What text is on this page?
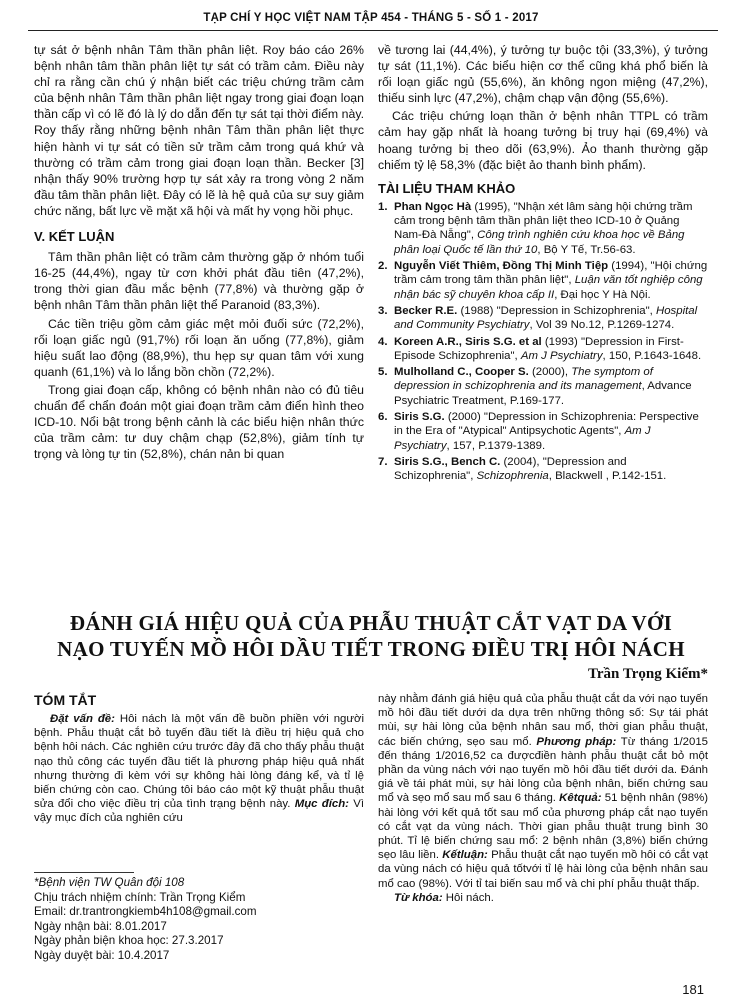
TẠP CHÍ Y HỌC VIỆT NAM TẬP 454 - THÁNG 5 - SỐ 1 - 2017

tự sát ở bệnh nhân Tâm thần phân liệt. Roy báo cáo 26% bệnh nhân tâm thần phân liệt tự sát có trầm cảm. Điều này chỉ ra rằng cần chú ý nhận biết các triệu chứng trầm cảm của bệnh nhân Tâm thần phân liệt ngay trong giai đoạn loạn thần cấp vì có lẽ đó là lý do dẫn đến tự sát tại thời điểm này. Roy thấy rằng những bệnh nhân Tâm thần phân liệt thực hiện hành vi tự sát có tiền sử trầm cảm trong quá khứ và thường có trầm cảm trong giai đoạn loạn thần. Becker [3] nhận thấy 90% trường hợp tự sát xảy ra trong vòng 2 năm đầu tâm thần phân liệt. Đây có lẽ là hệ quả của sự suy giảm chức năng, bất lực về mặt xã hội và mất hy vọng hồi phục.

V. KẾT LUẬN

Tâm thần phân liệt có trầm cảm thường gặp ở nhóm tuổi 16-25 (44,4%), ngay từ cơn khởi phát đầu tiên (47,2%), trong thời gian đầu mắc bệnh (77,8%) và thường gặp ở bệnh nhân Tâm thần phân liệt thể Paranoid (83,3%).

Các tiền triệu gồm cảm giác mệt mỏi đuối sức (72,2%), rối loạn giấc ngủ (91,7%) rối loạn ăn uống (77,8%), giảm hiệu suất lao động (88,9%), thu hẹp sự quan tâm với xung quanh (61,1%) và lo lắng bồn chồn (72,2%).

Trong giai đoạn cấp, không có bệnh nhân nào có đủ tiêu chuẩn để chẩn đoán một giai đoạn trầm cảm điển hình theo ICD-10. Nổi bật trong bệnh cảnh là các biểu hiện nhân thức của trầm cảm: tư duy chậm chạp (52,8%), giảm tính tự trọng và lòng tự tin (52,8%), chán nản bi quan

về tương lai (44,4%), ý tưởng tự buộc tội (33,3%), ý tưởng tự sát (11,1%). Các biểu hiện cơ thể cũng khá phổ biến là rối loạn giấc ngủ (55,6%), ăn không ngon miệng (47,2%), thiếu sinh lực (47,2%), chậm chạp vận động (55,6%).

Các triệu chứng loạn thần ở bệnh nhân TTPL có trầm cảm hay gặp nhất là hoang tưởng bị truy hại (69,4%) và hoang tưởng bị theo dõi (63,9%). Ảo thanh thường gặp chiếm tỷ lệ 58,3% (đặc biệt ảo thanh bình phẩm).

TÀI LIỆU THAM KHẢO
1. Phan Ngọc Hà (1995), "Nhận xét lâm sàng hội chứng trầm cảm trong bệnh tâm thần phân liệt theo ICD-10 ở Quảng Nam-Đà Nẵng", Công trình nghiên cứu khoa học về Bảng phân loại Quốc tế lần thứ 10, Bộ Y Tế, Tr.56-63.
2. Nguyễn Viết Thiêm, Đồng Thị Minh Tiệp (1994), "Hội chứng trầm cảm trong tâm thần phân liệt", Luận văn tốt nghiệp công nhận bác sỹ chuyên khoa cấp II, Đại học Y Hà Nội.
3. Becker R.E. (1988) "Depression in Schizophrenia", Hospital and Community Psychiatry, Vol 39 No.12, P.1269-1274.
4. Koreen A.R., Siris S.G. et al (1993) "Depression in First-Episode Schizophrenia", Am J Psychiatry, 150, P.1643-1648.
5. Mulholland C., Cooper S. (2000), The symptom of depression in schizophrenia and its management, Advance Psychiatric Treatment, P.169-177.
6. Siris S.G. (2000) "Depression in Schizophrenia: Perspective in the Era of "Atypical" Antipsychotic Agents", Am J Psychiatry, 157, P.1379-1389.
7. Siris S.G., Bench C. (2004), "Depression and Schizophrenia", Schizophrenia, Blackwell , P.142-151.
ĐÁNH GIÁ HIỆU QUẢ CỦA PHẪU THUẬT CẮT VẠT DA VỚI
NẠO TUYẾN MỒ HÔI DẦU TIẾT TRONG ĐIỀU TRỊ HÔI NÁCH
Trần Trọng Kiểm*
TÓM TẮT

Đặt vấn đề: Hôi nách là một vấn đề buồn phiền với người bệnh. Phẫu thuật cắt bỏ tuyến đầu tiết là điều trị hiệu quả cho bệnh hôi nách. Các nghiên cứu trước đây đã cho thấy phẫu thuật nạo thủ công các tuyến đầu tiết là phương pháp hiệu quả nhất nhưng thường đi kèm với sự không hài lòng đáng kể, và tỉ lệ biến chứng còn cao. Chúng tôi báo cáo một kỹ thuật phẫu thuật sửa đổi cho việc điều trị của tình trạng bệnh này. Mục đích: Vì vậy mục đích của nghiên cứu

này nhằm đánh giá hiệu quả của phẫu thuật cắt da với nạo tuyến mồ hôi đầu tiết dưới da dựa trên những thông số: Sự tái phát mùi, sự hài lòng của bệnh nhân sau mổ, thời gian phẫu thuật, các biến chứng, sẹo sau mổ. Phương pháp: Từ tháng 1/2015 đến tháng 1/2016,52 ca đượcđiền hành phẫu thuật cắt bỏ một phần da vùng nách với nạo tuyến mồ hôi đầu tiết dưới da. Đánh giá về tái phát mùi, sự hài lòng của bệnh nhân, biến chứng sau mổ và sẹo mổ sau mổ sau 6 tháng. Kêtquả: 51 bệnh nhân (98%) hài lòng với kết quả tốt sau mổ của phương pháp cắt nạo tuyến có cắt vạt da vùng nách. Thời gian phẫu thuật trung bình 30 phút. Tỉ lệ biến chứng sau mổ: 2 bệnh nhân (3,8%) biến chứng sẹo lâu liền. Kếtluận: Phẫu thuật cắt nạo tuyến mồ hôi có cắt vạt da vùng nách có hiệu quả tốtvới tỉ lệ hài lòng của bệnh nhân sau mổ cao (98%). Với tỉ tai biến sau mổ và chi phí phẫu thuật thấp.

Từ khóa: Hôi nách.

*Bệnh viện TW Quân đội 108
Chịu trách nhiệm chính: Trần Trọng Kiểm
Email: dr.trantrongkiemb4h108@gmail.com
Ngày nhận bài: 8.01.2017
Ngày phản biện khoa học: 27.3.2017
Ngày duyệt bài: 10.4.2017
181
